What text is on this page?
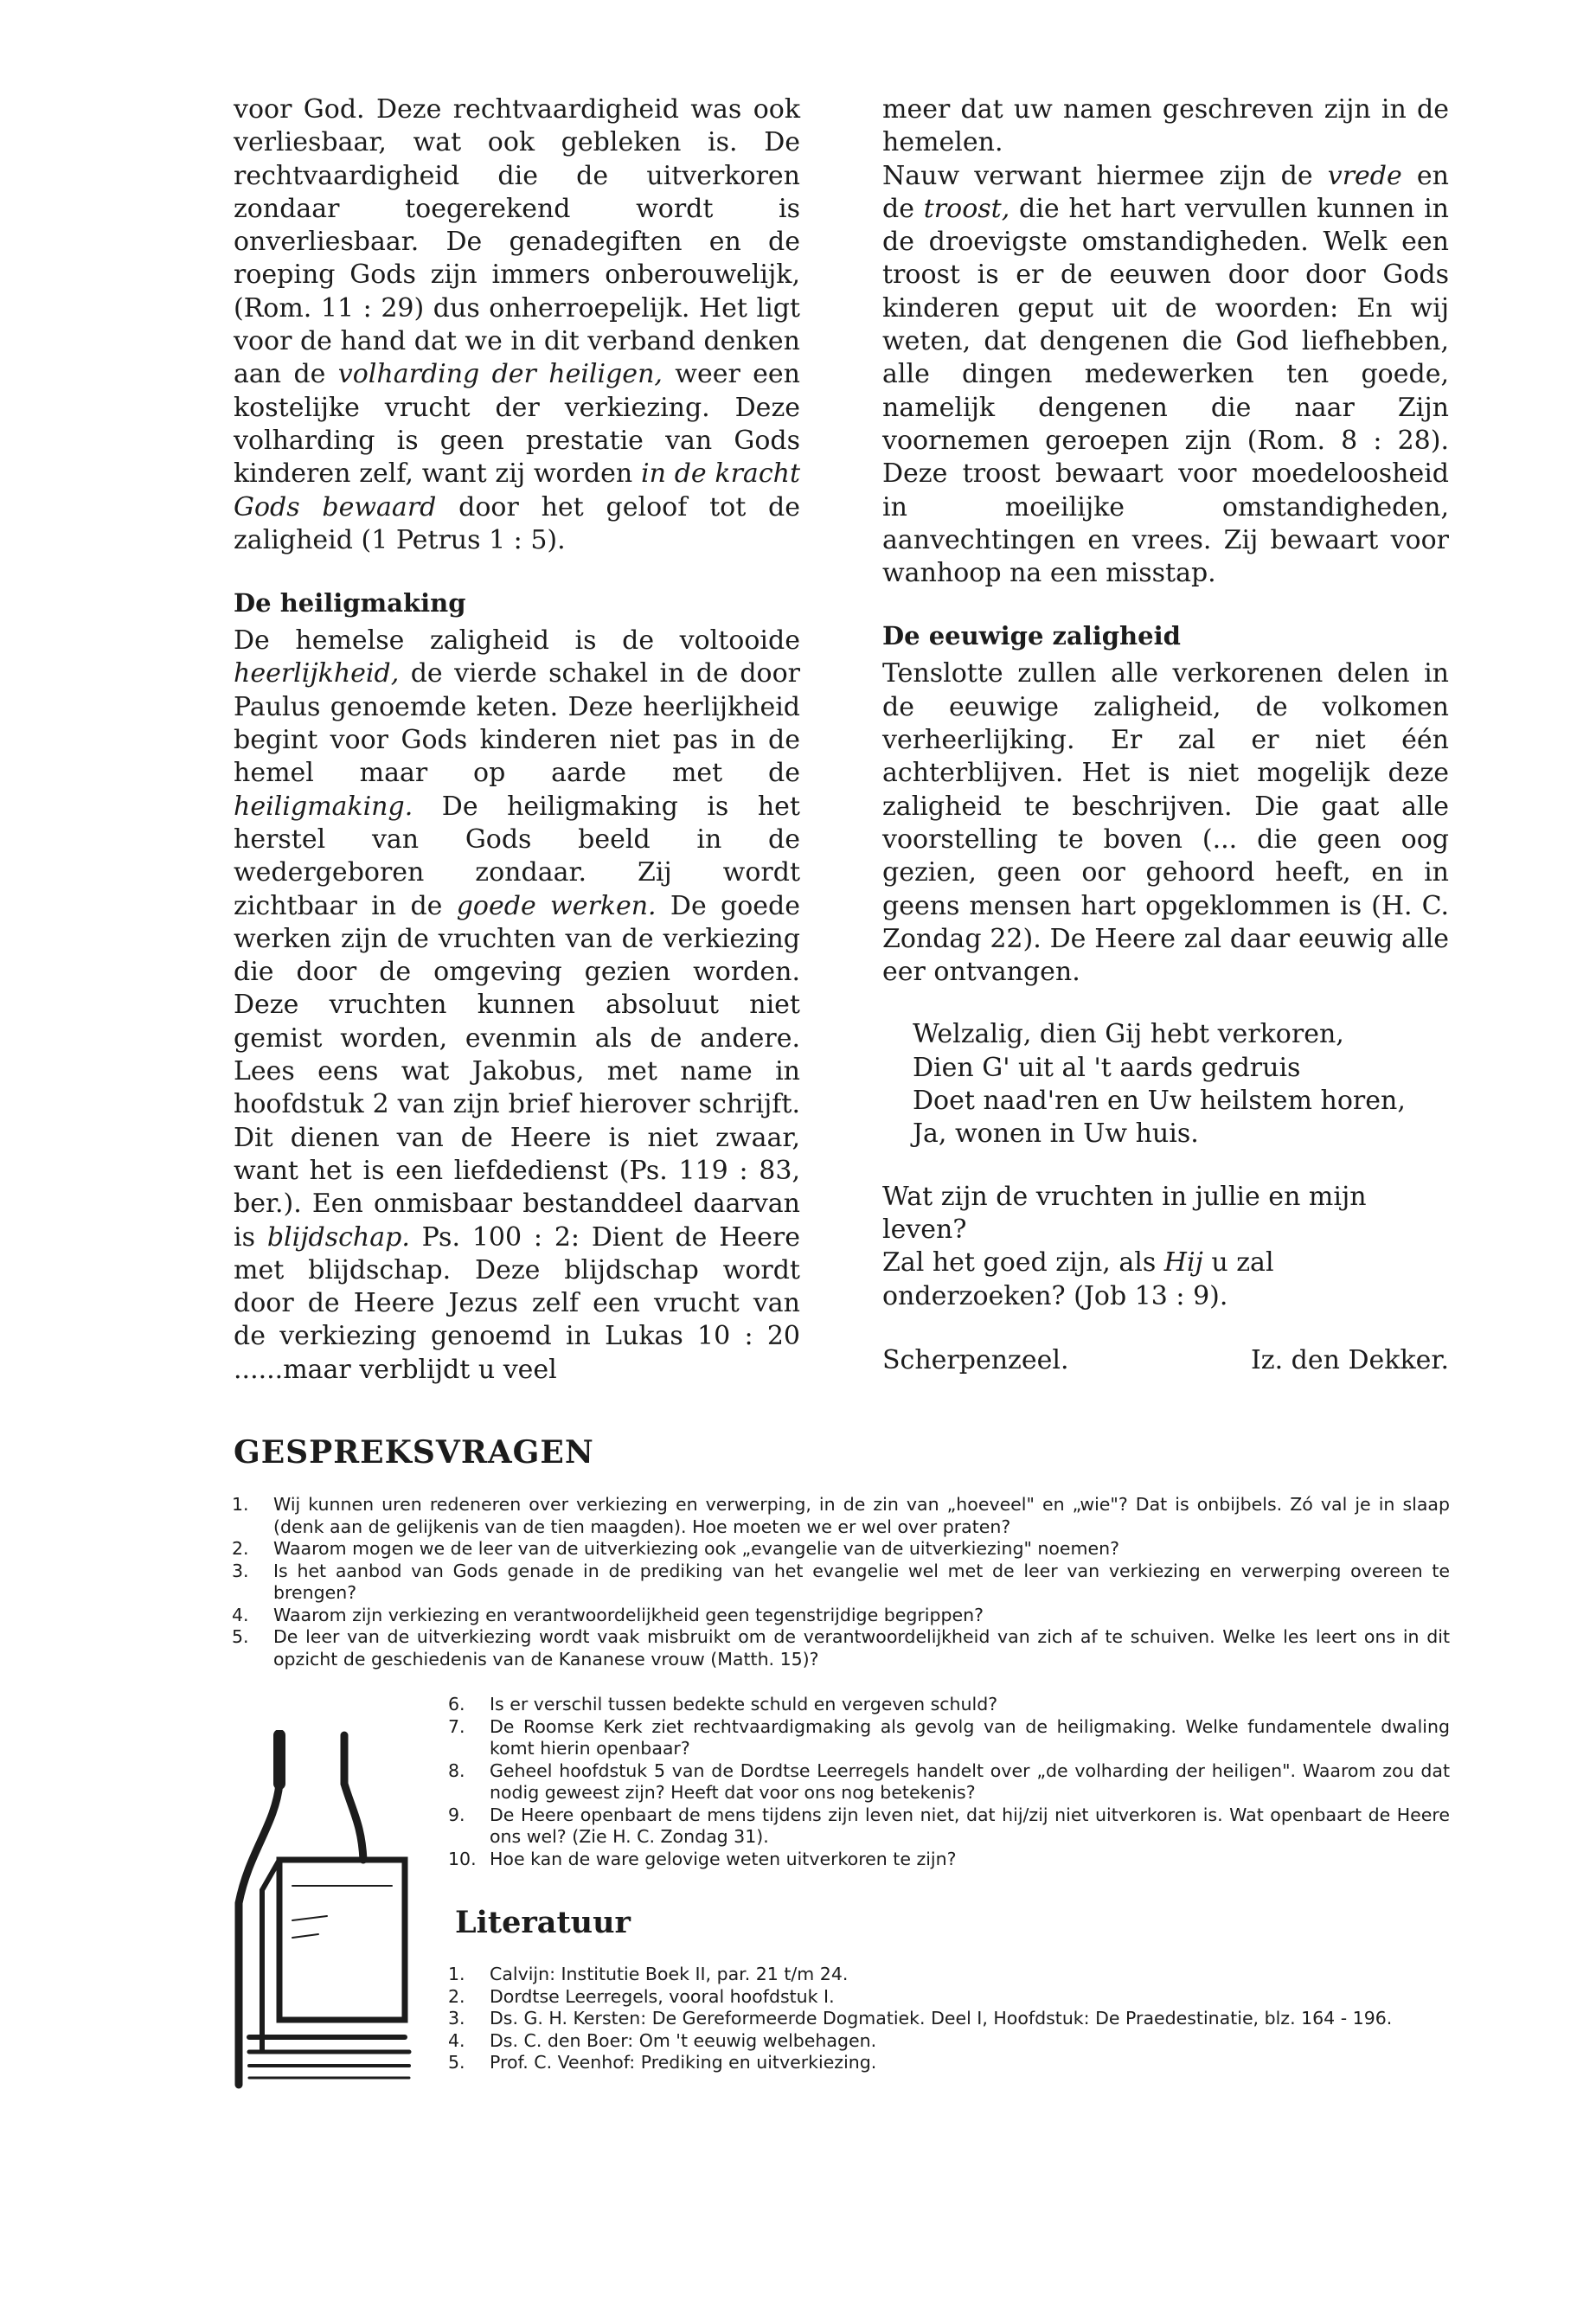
voor God. Deze rechtvaardigheid was ook verliesbaar, wat ook gebleken is. De rechtvaardigheid die de uitverkoren zondaar toegerekend wordt is onverliesbaar. De genadegiften en de roeping Gods zijn immers onberouwelijk, (Rom. 11 : 29) dus onherroepelijk. Het ligt voor de hand dat we in dit verband denken aan de volharding der heiligen, weer een kostelijke vrucht der verkiezing. Deze volharding is geen prestatie van Gods kinderen zelf, want zij worden in de kracht Gods bewaard door het geloof tot de zaligheid (1 Petrus 1 : 5).

De heiligmaking

De hemelse zaligheid is de voltooide heerlijkheid, de vierde schakel in de door Paulus genoemde keten. Deze heerlijkheid begint voor Gods kinderen niet pas in de hemel maar op aarde met de heiligmaking. De heiligmaking is het herstel van Gods beeld in de wedergeboren zondaar. Zij wordt zichtbaar in de goede werken. De goede werken zijn de vruchten van de verkiezing die door de omgeving gezien worden. Deze vruchten kunnen absoluut niet gemist worden, evenmin als de andere. Lees eens wat Jakobus, met name in hoofdstuk 2 van zijn brief hierover schrijft. Dit dienen van de Heere is niet zwaar, want het is een liefdedienst (Ps. 119 : 83, ber.). Een onmisbaar bestanddeel daarvan is blijdschap. Ps. 100 : 2: Dient de Heere met blijdschap. Deze blijdschap wordt door de Heere Jezus zelf een vrucht van de verkiezing genoemd in Lukas 10 : 20 ......maar verblijdt u veel

meer dat uw namen geschreven zijn in de hemelen.

Nauw verwant hiermee zijn de vrede en de troost, die het hart vervullen kunnen in de droevigste omstandigheden. Welk een troost is er de eeuwen door door Gods kinderen geput uit de woorden: En wij weten, dat dengenen die God liefhebben, alle dingen medewerken ten goede, namelijk dengenen die naar Zijn voornemen geroepen zijn (Rom. 8 : 28). Deze troost bewaart voor moedeloosheid in moeilijke omstandigheden, aanvechtingen en vrees. Zij bewaart voor wanhoop na een misstap.

De eeuwige zaligheid

Tenslotte zullen alle verkorenen delen in de eeuwige zaligheid, de volkomen verheerlijking. Er zal er niet één achterblijven. Het is niet mogelijk deze zaligheid te beschrijven. Die gaat alle voorstelling te boven (... die geen oog gezien, geen oor gehoord heeft, en in geens mensen hart opgeklommen is (H. C. Zondag 22). De Heere zal daar eeuwig alle eer ontvangen.

Welzalig, dien Gij hebt verkoren,
Dien G' uit al 't aards gedruis
Doet naad'ren en Uw heilstem horen,
Ja, wonen in Uw huis.

Wat zijn de vruchten in jullie en mijn leven?

Zal het goed zijn, als Hij u zal onderzoeken? (Job 13 : 9).

Scherpenzeel.	Iz. den Dekker.
GESPREKSVRAGEN
1. Wij kunnen uren redeneren over verkiezing en verwerping, in de zin van „hoeveel" en „wie"? Dat is onbijbels. Zó val je in slaap (denk aan de gelijkenis van de tien maagden). Hoe moeten we er wel over praten?
2. Waarom mogen we de leer van de uitverkiezing ook „evangelie van de uitverkiezing" noemen?
3. Is het aanbod van Gods genade in de prediking van het evangelie wel met de leer van verkiezing en verwerping overeen te brengen?
4. Waarom zijn verkiezing en verantwoordelijkheid geen tegenstrijdige begrippen?
5. De leer van de uitverkiezing wordt vaak misbruikt om de verantwoordelijkheid van zich af te schuiven. Welke les leert ons in dit opzicht de geschiedenis van de Kananese vrouw (Matth. 15)?
6. Is er verschil tussen bedekte schuld en vergeven schuld?
7. De Roomse Kerk ziet rechtvaardigmaking als gevolg van de heiligmaking. Welke fundamentele dwaling komt hierin openbaar?
8. Geheel hoofdstuk 5 van de Dordtse Leerregels handelt over „de volharding der heiligen". Waarom zou dat nodig geweest zijn? Heeft dat voor ons nog betekenis?
9. De Heere openbaart de mens tijdens zijn leven niet, dat hij/zij niet uitverkoren is. Wat openbaart de Heere ons wel? (Zie H. C. Zondag 31).
10. Hoe kan de ware gelovige weten uitverkoren te zijn?
Literatuur
1. Calvijn: Institutie Boek II, par. 21 t/m 24.
2. Dordtse Leerregels, vooral hoofdstuk I.
3. Ds. G. H. Kersten: De Gereformeerde Dogmatiek. Deel I, Hoofdstuk: De Praedestinatie, blz. 164 - 196.
4. Ds. C. den Boer: Om 't eeuwig welbehagen.
5. Prof. C. Veenhof: Prediking en uitverkiezing.
